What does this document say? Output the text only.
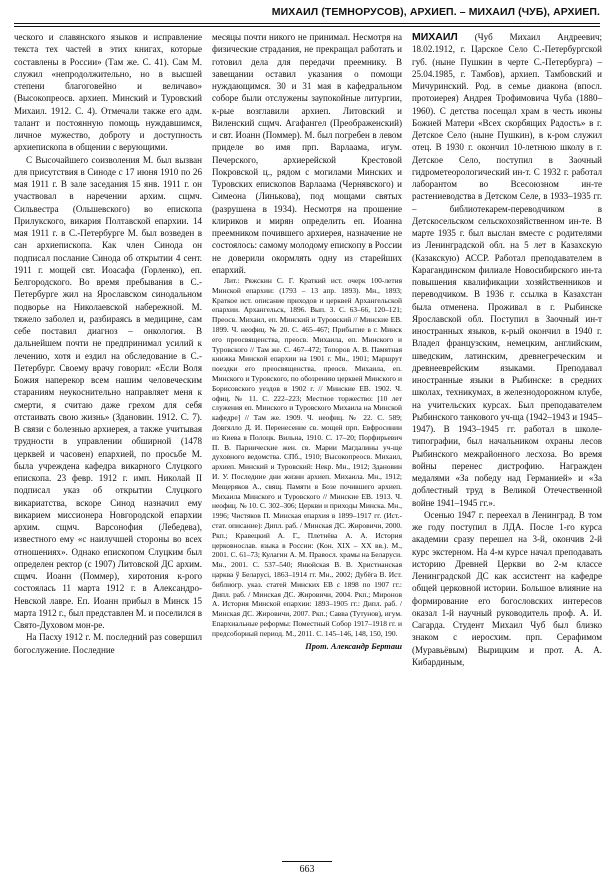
МИХАИЛ (ТЕМНОРУСОВ), АРХИЕП. – МИХАИЛ (ЧУБ), АРХИЕП.

ческого и славянского языков и исправление текста тех частей в этих книгах, которые составлены в России» (Там же. С. 41). Сам М. служил «непродолжительно, но в высшей степени благоговейно и величаво» (Высокопреосв. архиеп. Минский и Туровский Михаил. 1912. С. 4). Отмечали также его адм. талант и постоянную помощь нуждавшимся, личное мужество, доброту и доступность архиепископа в общении с верующими.

С Высочайшего соизволения М. был вызван для присутствия в Синоде с 17 июня 1910 по 26 мая 1911 г. В зале заседания 15 янв. 1911 г. он участвовал в наречении архим. сщмч. Сильвестра (Ольшевского) во епископа Прилукского, викария Полтавской епархии. 14 мая 1911 г. в С.-Петербурге М. был возведен в сан архиепископа. Как член Синода он подписал послание Синода об открытии 4 сент. 1911 г. мощей свт. Иоасафа (Горленко), еп. Белгородского. Во время пребывания в С.-Петербурге жил на Ярославском синодальном подворье на Николаевской набережной. М. тяжело заболел и, разбираясь в медицине, сам себе поставил диагноз – онкология. В дальнейшем почти не предпринимал усилий к лечению, хотя и ездил на обследование в С.-Петербург. Своему врачу говорил: «Если Воля Божия наперекор всем нашим человеческим стараниям неукоснительно направляет меня к смерти, я считаю даже грехом для себя отстаивать свою жизнь» (Здановин. 1912. С. 7). В связи с болезнью архиерея, а также учитывая трудности в управлении обширной (1478 церквей и часовен) епархией, по просьбе М. была учреждена кафедра викарного Слуцкого епископа. 23 февр. 1912 г. имп. Николай II подписал указ об открытии Слуцкого викариатства, вскоре Синод назначил ему викарием миссионера Новгородской епархии архим. сщмч. Варсонофия (Лебедева), известного ему «с наилучшей стороны во всех отношениях». Однако епископом Слуцким был определен ректор (с 1907) Литовской ДС архим. сщмч. Иоанн (Поммер), хиротония к-рого состоялась 11 марта 1912 г. в Александро-Невской лавре. Еп. Иоанн прибыл в Минск 15 марта 1912 г., был представлен М. и поселился в Свято-Духовом мон-ре.

На Пасху 1912 г. М. последний раз совершил богослужение. Последние

месяцы почти никого не принимал. Несмотря на физические страдания, не прекращал работать и готовил дела для передачи преемнику. В завещании оставил указания о помощи нуждающимся. 30 и 31 мая в кафедральном соборе были отслужены заупокойные литургии, к-рые возглавили архиеп. Литовский и Виленский сщмч. Агафангел (Преображенский) и свт. Иоанн (Поммер). М. был погребен в левом приделе во имя прп. Варлаама, игум. Печерского, архиерейской Крестовой Покровской ц., рядом с могилами Минских и Туровских епископов Варлаама (Чернявского) и Симеона (Линькова), под мощами святых (разрушена в 1934). Несмотря на прошение клириков и мирян определить еп. Иоанна преемником почившего архиерея, назначение не состоялось: самому молодому епископу в России не доверили окормлять одну из старейших епархий.

Лит.: Ряжскин С. Г. Краткий ист. очерк 100-летия Минской епархии: (1793 – 13 апр. 1893). Мн., 1893; Краткое ист. описание приходов и церквей Архангельской епархии. Архангельск, 1896. Вып. 3. С. 63–66, 120–121; Преосв. Михаил, еп. Минский и Туровский // Минские ЕВ. 1899. Ч. неофиц. № 20. С. 465–467; Прибытие в г. Минск его преосвященства, преосв. Михаила, еп. Минского и Туровского // Там же. С. 467–472; Топоров А. В. Памятная книжка Минской епархии на 1901 г. Мн., 1901; Маршрут поездки его преосвященства, преосв. Михаила, еп. Минского и Туровского, по обозрению церквей Минского и Борисовского уездов в 1902 г. // Минские ЕВ. 1902. Ч. офиц. № 11. С. 222–223; Местное торжество: [10 лет служения еп. Минского и Туровского Михаила на Минской кафедре] // Там же. 1909. Ч. неофиц. № 22. С. 589; Довгялло Д. И. Перенесение св. мощей прп. Евфросинии из Киева в Полоцк. Вильна, 1910. С. 17–20; Порфирьевич П. В. Парнические жен. св. Марии Магдалины уч-ще духовного ведомства. СПб., 1910; Высокопреосв. Михаил, архиеп. Минский и Туровский: Некр. Мн., 1912; Здановин И. У. Последние дни жизни архиеп. Михаила. Мн., 1912; Мещеряков А., свящ. Памяти в Бозе почившего архиеп. Михаила Минского и Туровского // Минские ЕВ. 1913. Ч. неофиц. № 10. С. 302–306; Церкви и приходы Минска. Мн., 1996; Чистяков П. Минская епархия в 1899–1917 гг. (Ист.-стат. описание): Дипл. раб. / Минская ДС. Жировичи, 2000. Ркп.; Кравецкий А. Г., Плетнёва А. А. История церковнослав. языка в России: (Кон. XIX – XX вв.). М., 2001. С. 61–73; Кулагин А. М. Правосл. храмы на Беларуси. Мн., 2001. С. 537–540; Янюйская В. В. Христианская царква ў Беларусі, 1863–1914 гг. Мн., 2002; Дубёга В. Ист. библиогр. указ. статей Минских ЕВ с 1898 по 1907 гг.: Дипл. раб. / Минская ДС. Жировичи, 2004. Ркп.; Миронов А. История Минской епархии: 1893–1905 гг.: Дипл. раб. / Минская ДС. Жировичи, 2007. Ркп.; Савва (Тутунов), игум. Епархиальные реформы: Поместный Собор 1917–1918 гг. и предсоборный период. М., 2011. С. 145–146, 148, 150, 190.

Прот. Александр Берташ

МИХАИЛ (Чуб Михаил Андреевич; 18.02.1912, г. Царское Село С.-Петербургской губ. (ныне Пушкин в черте С.-Петербурга) – 25.04.1985, г. Тамбов), архиеп. Тамбовский и Мичуринский. Род. в семье диакона (впосл. протоиерея) Андрея Трофимовича Чуба (1880–1960). С детства посещал храм в честь иконы Божией Матери «Всех скорбящих Радость» в г. Детское Село (ныне Пушкин), в к-ром служил отец. В 1930 г. окончил 10-летнюю школу в г. Детское Село, поступил в Заочный гидрометеорологический ин-т. С 1932 г. работал лаборантом во Всесоюзном ин-те растениеводства в Детском Селе, в 1933–1935 гг. – библиотекарем-переводчиком в Детскосельском сельскохозяйственном ин-те. В марте 1935 г. был выслан вместе с родителями из Ленинградской обл. на 5 лет в Казахскую (Казакскую) АССР. Работал преподавателем в Карагандинском филиале Новосибирского ин-та повышения квалификации хозяйственников и переводчиком. В 1936 г. ссылка в Казахстан была отменена. Проживал в г. Рыбинске Ярославской обл. Поступил в Заочный ин-т иностранных языков, к-рый окончил в 1940 г. Владел французским, немецким, английским, шведским, латинским, древнегреческим и древнееврейским языками. Преподавал иностранные языки в Рыбинске: в средних школах, техникумах, в железнодорожном клубе, на учительских курсах. Был преподавателем Рыбинского танкового уч-ща (1942–1943 и 1945–1947). В 1943–1945 гг. работал в школе-типографии, был начальником охраны лесов Рыбинского межрайонного лесхоза. Во время войны перенес дистрофию. Награжден медалями «За победу над Германией» и «За доблестный труд в Великой Отечественной войне 1941–1945 гг.».

Осенью 1947 г. переехал в Ленинград. В том же году поступил в ЛДА. После 1-го курса академии сразу перешел на 3-й, окончив 2-й курс экстерном. На 4-м курсе начал преподавать историю Древней Церкви во 2-м классе Ленинградской ДС как ассистент на кафедре общей церковной истории. Большое влияние на формирование его богословских интересов оказал 1-й научный руководитель проф. А. И. Сагарда. Студент Михаил Чуб был близко знаком с иеросхим. прп. Серафимом (Муравьёвым) Вырицким и прот. А. А. Кибардиным,

663
